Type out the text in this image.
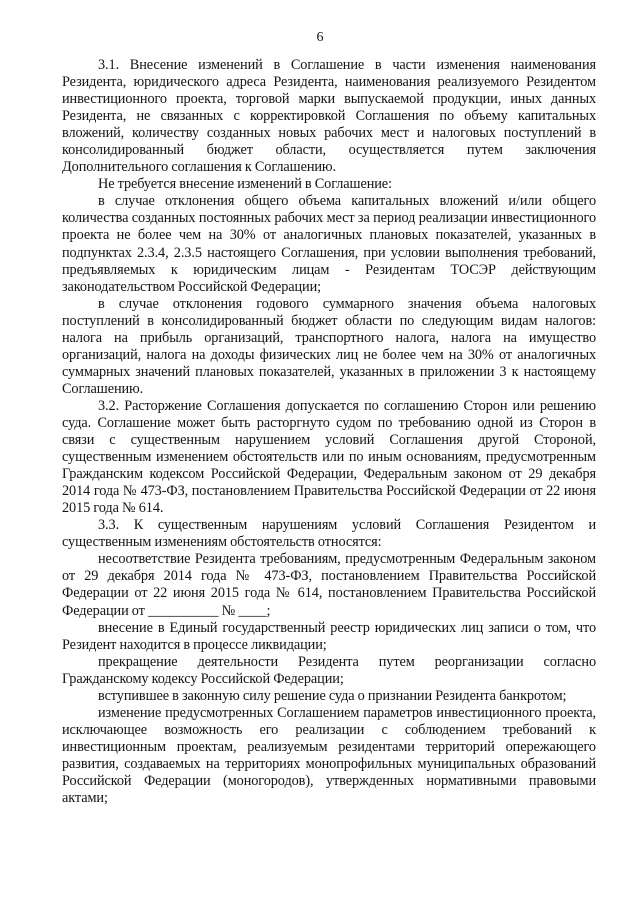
6

3.1. Внесение изменений в Соглашение в части изменения наименования Резидента, юридического адреса Резидента, наименования реализуемого Резидентом инвестиционного проекта, торговой марки выпускаемой продукции, иных данных Резидента, не связанных с корректировкой Соглашения по объему капитальных вложений, количеству созданных новых рабочих мест и налоговых поступлений в консолидированный бюджет области, осуществляется путем заключения Дополнительного соглашения к Соглашению.

Не требуется внесение изменений в Соглашение:

в случае отклонения общего объема капитальных вложений и/или общего количества созданных постоянных рабочих мест за период реализации инвестиционного проекта не более чем на 30% от аналогичных плановых показателей, указанных в подпунктах 2.3.4, 2.3.5 настоящего Соглашения, при условии выполнения требований, предъявляемых к юридическим лицам - Резидентам ТОСЭР действующим законодательством Российской Федерации;

в случае отклонения годового суммарного значения объема налоговых поступлений в консолидированный бюджет области по следующим видам налогов: налога на прибыль организаций, транспортного налога, налога на имущество организаций, налога на доходы физических лиц не более чем на 30% от аналогичных суммарных значений плановых показателей, указанных в приложении 3 к настоящему Соглашению.

3.2. Расторжение Соглашения допускается по соглашению Сторон или решению суда. Соглашение может быть расторгнуто судом по требованию одной из Сторон в связи с существенным нарушением условий Соглашения другой Стороной, существенным изменением обстоятельств или по иным основаниям, предусмотренным Гражданским кодексом Российской Федерации, Федеральным законом от 29 декабря 2014 года № 473-ФЗ, постановлением Правительства Российской Федерации от 22 июня 2015 года № 614.

3.3. К существенным нарушениям условий Соглашения Резидентом и существенным изменениям обстоятельств относятся:

несоответствие Резидента требованиям, предусмотренным Федеральным законом от 29 декабря 2014 года № 473-ФЗ, постановлением Правительства Российской Федерации от 22 июня 2015 года № 614, постановлением Правительства Российской Федерации от __________ № ____;

внесение в Единый государственный реестр юридических лиц записи о том, что Резидент находится в процессе ликвидации;

прекращение деятельности Резидента путем реорганизации согласно Гражданскому кодексу Российской Федерации;

вступившее в законную силу решение суда о признании Резидента банкротом;

изменение предусмотренных Соглашением параметров инвестиционного проекта, исключающее возможность его реализации с соблюдением требований к инвестиционным проектам, реализуемым резидентами территорий опережающего развития, создаваемых на территориях монопрофильных муниципальных образований Российской Федерации (моногородов), утвержденных нормативными правовыми актами;
